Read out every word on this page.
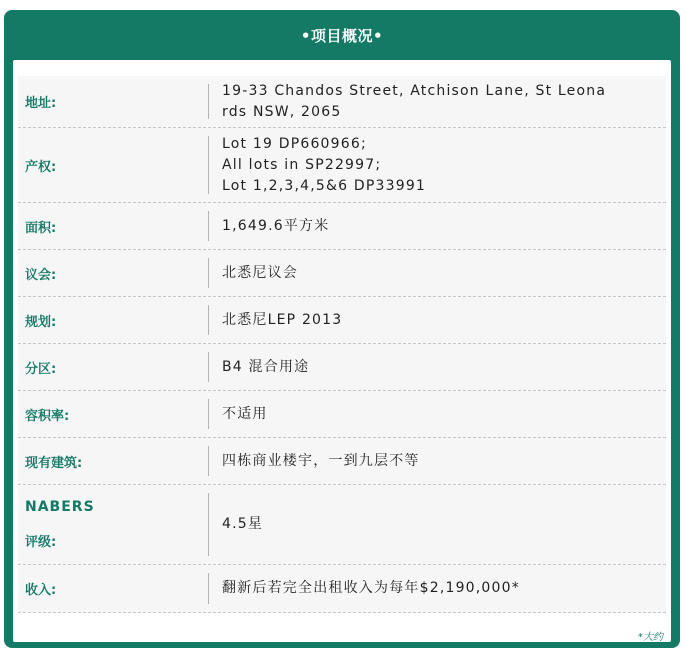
•项目概况•
地址:
19-33 Chandos Street, Atchison Lane, St Leona
rds NSW, 2065
产权:
Lot 19 DP660966;
All lots in SP22997;
Lot 1,2,3,4,5&6 DP33991
面积:	1,649.6平方米
议会:	北悉尼议会
规划:	北悉尼LEP 2013
分区:	B4 混合用途
容积率:	不适用
现有建筑:	四栋商业楼宇，一到九层不等
NABERS
评级:
4.5星
收入:	翻新后若完全出租收入为每年$2,190,000*
*大约
